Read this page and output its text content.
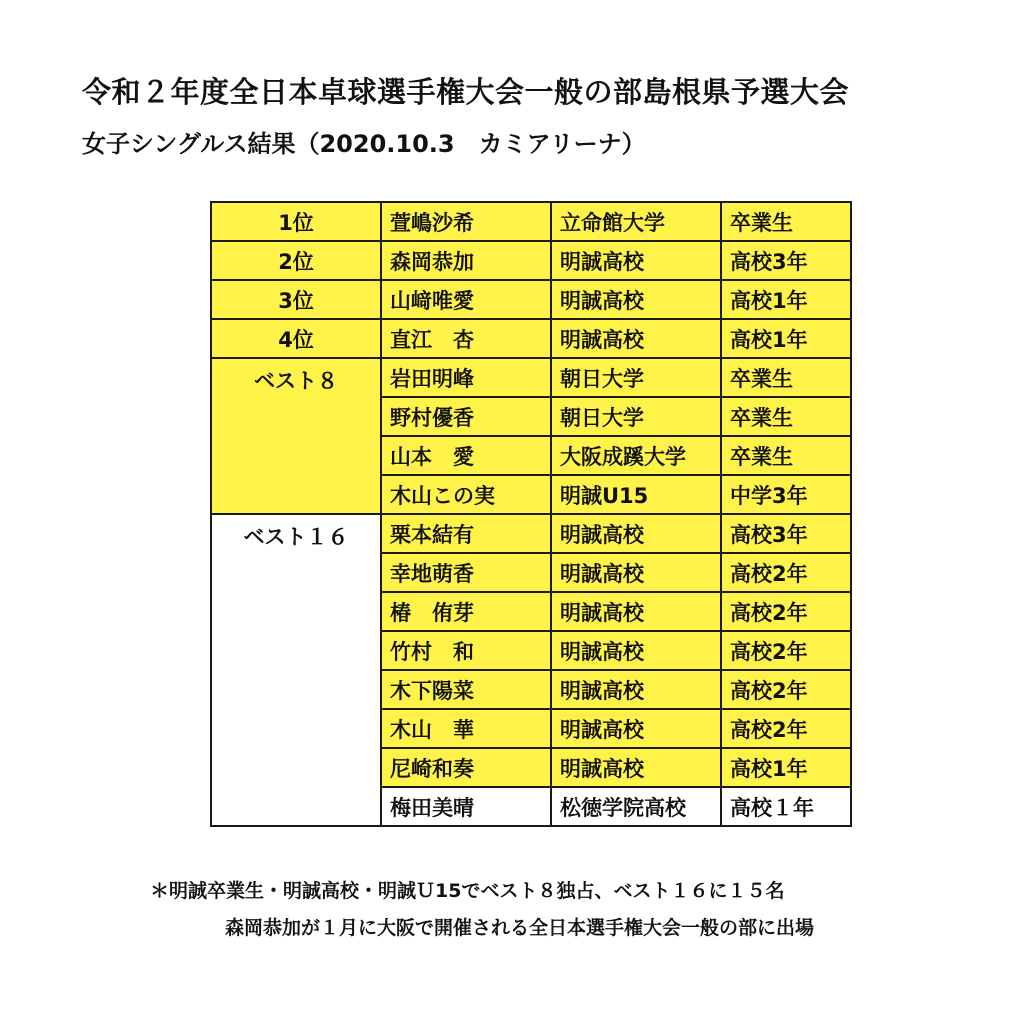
令和２年度全日本卓球選手権大会一般の部島根県予選大会
女子シングルス結果（2020.10.3　カミアリーナ）
1位	萱嶋沙希	立命館大学	卒業生
2位	森岡恭加	明誠高校	高校3年
3位	山﨑唯愛	明誠高校	高校1年
4位	直江　杏	明誠高校	高校1年
ベスト８	岩田明峰	朝日大学	卒業生
	野村優香	朝日大学	卒業生
	山本　愛	大阪成蹊大学	卒業生
	木山この実	明誠U15	中学3年
ベスト１６	栗本結有	明誠高校	高校3年
	幸地萌香	明誠高校	高校2年
	椿　侑芽	明誠高校	高校2年
	竹村　和	明誠高校	高校2年
	木下陽菜	明誠高校	高校2年
	木山　華	明誠高校	高校2年
	尼崎和奏	明誠高校	高校1年
	梅田美晴	松徳学院高校	高校１年
＊明誠卒業生・明誠高校・明誠Ｕ15でベスト８独占、ベスト１６に１５名
森岡恭加が１月に大阪で開催される全日本選手権大会一般の部に出場
